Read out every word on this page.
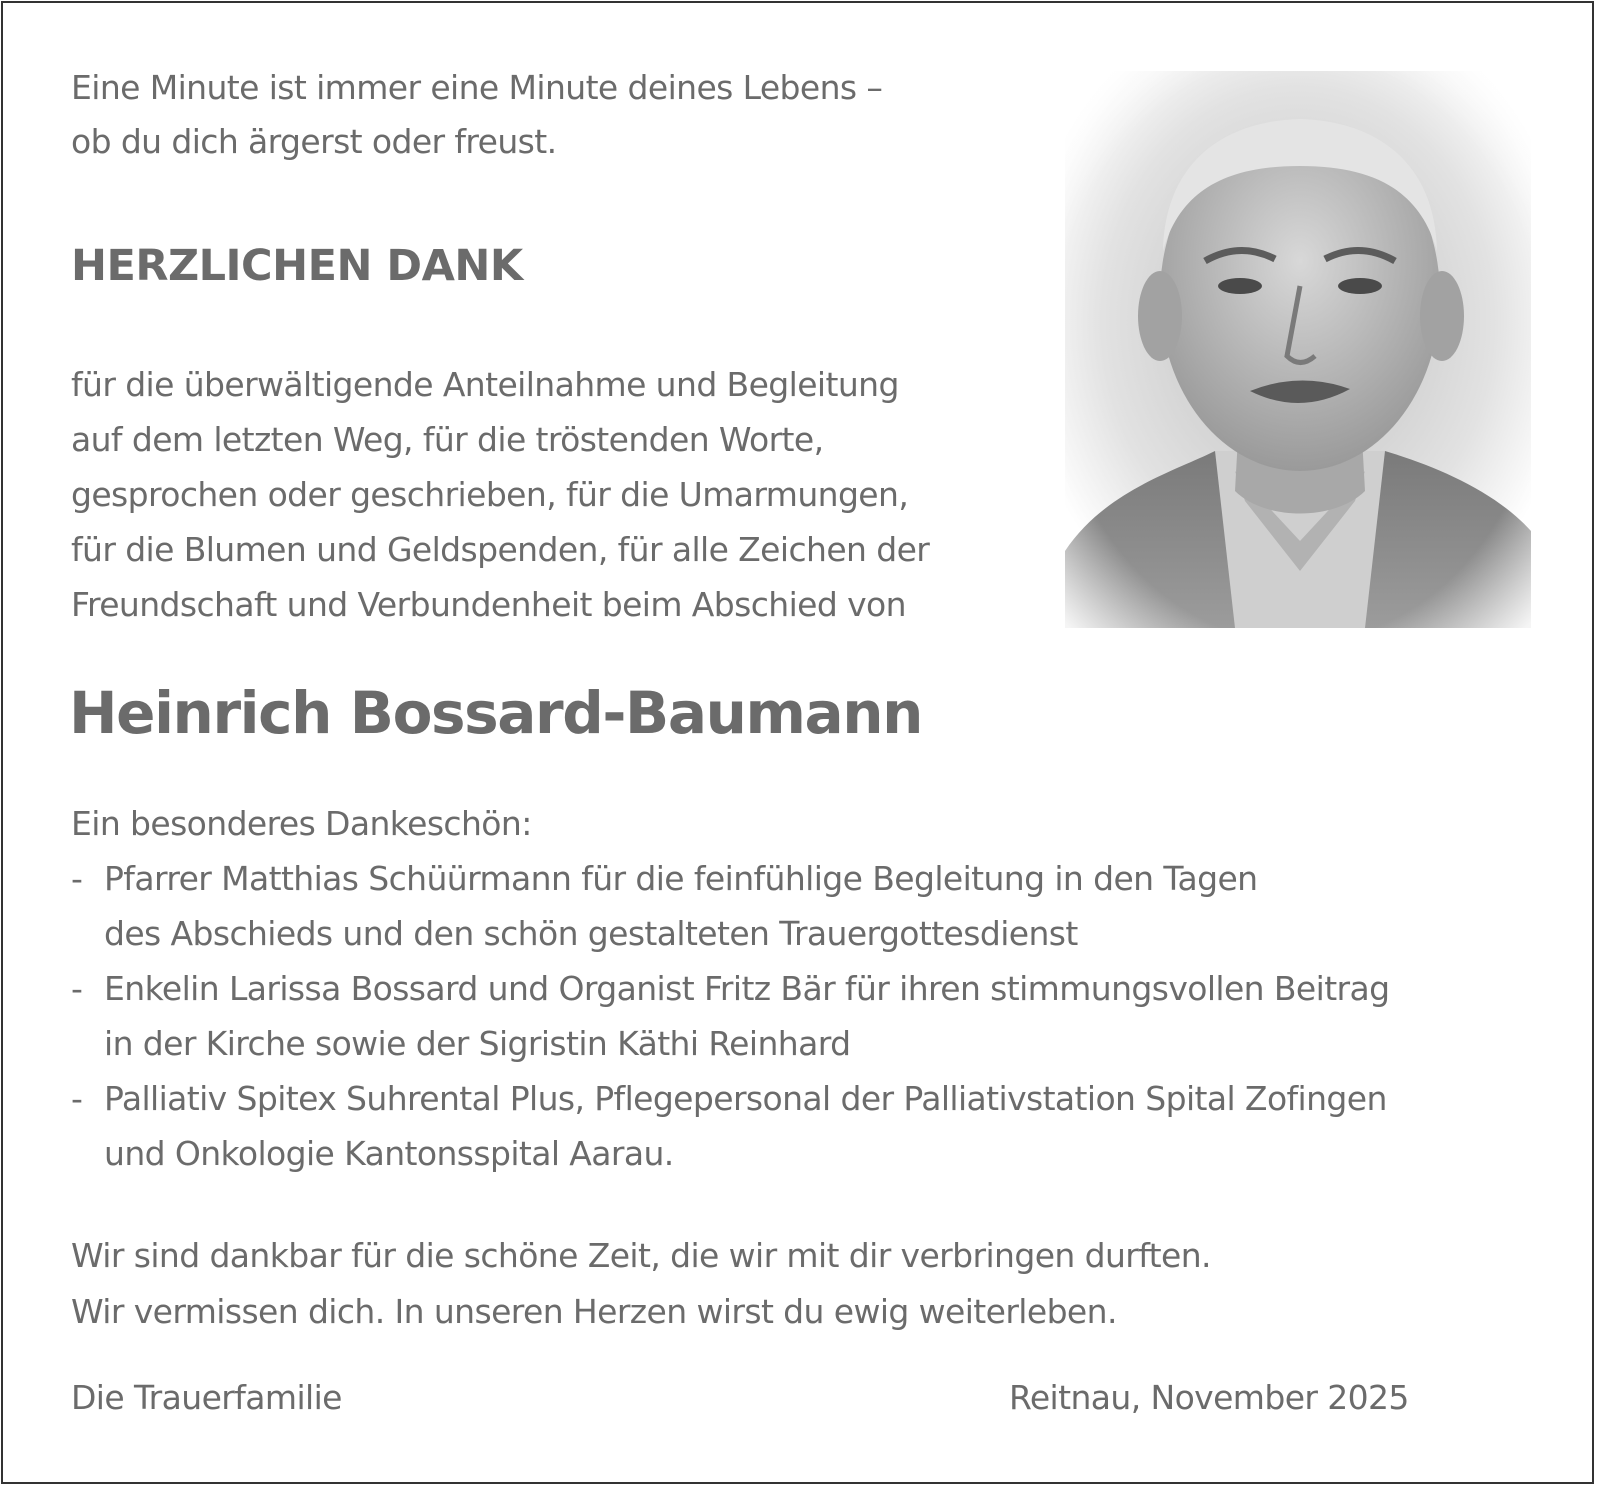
Eine Minute ist immer eine Minute deines Lebens –
ob du dich ärgerst oder freust.
HERZLICHEN DANK
für die überwältigende Anteilnahme und Begleitung
auf dem letzten Weg, für die tröstenden Worte,
gesprochen oder geschrieben, für die Umarmungen,
für die Blumen und Geldspenden, für alle Zeichen der
Freundschaft und Verbundenheit beim Abschied von
Heinrich Bossard-Baumann
Ein besonderes Dankeschön:
- Pfarrer Matthias Schüürmann für die feinfühlige Begleitung in den Tagen
des Abschieds und den schön gestalteten Trauergottesdienst
- Enkelin Larissa Bossard und Organist Fritz Bär für ihren stimmungsvollen Beitrag
in der Kirche sowie der Sigristin Käthi Reinhard
- Palliativ Spitex Suhrental Plus, Pflegepersonal der Palliativstation Spital Zofingen
und Onkologie Kantonsspital Aarau.
Wir sind dankbar für die schöne Zeit, die wir mit dir verbringen durften.
Wir vermissen dich. In unseren Herzen wirst du ewig weiterleben.
Die Trauerfamilie	Reitnau, November 2025
